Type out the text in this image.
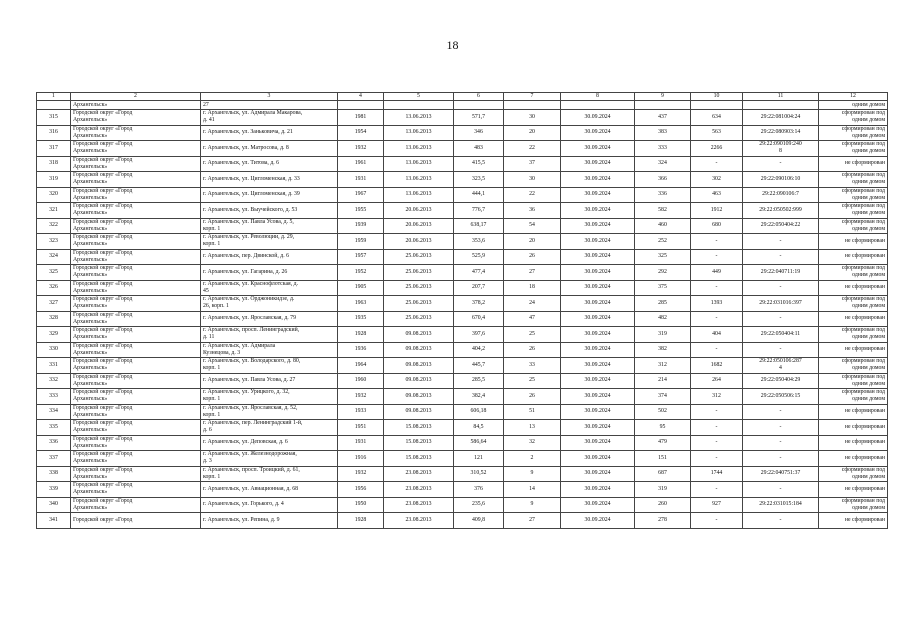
18
1	2	3	4	5	6	7	8	9	10	11	12
	Архангельск»	27									одним домом
315	Городской округ «Город
Архангельск»	г. Архангельск, ул. Адмирала Макарова,
д. 41	1981	13.06.2013	571,7	30	30.09.2024	437	634	29:22:081004:24	сформирован под
одним домом
316	Городской округ «Город
Архангельск»	г. Архангельск, ул. Заньковича, д. 21	1954	13.06.2013	346	20	30.09.2024	383	563	29:22:080903:14	сформирован под
одним домом
317	Городской округ «Город
Архангельск»	г. Архангельск, ул. Матросова, д. 8	1932	13.06.2013	483	22	30.09.2024	333	2266	29:22:090109:240
8	сформирован под
одним домом
318	Городской округ «Город
Архангельск»	г. Архангельск, ул. Титова, д. 6	1961	13.06.2013	415,5	37	30.09.2024	324	-	-	не сформирован
319	Городской округ «Город
Архангельск»	г. Архангельск, ул. Цигломенская, д. 33	1931	13.06.2013	323,5	30	30.09.2024	366	302	29:22:090106:10	сформирован под
одним домом
320	Городской округ «Город
Архангельск»	г. Архангельск, ул. Цигломенская, д. 39	1967	13.06.2013	444,1	22	30.09.2024	336	463	29:22:090106:7	сформирован под
одним домом
321	Городской округ «Город
Архангельск»	г. Архангельск, ул. Выучейского, д. 53	1955	20.06.2013	776,7	36	30.09.2024	582	1912	29:22:050502:999	сформирован под
одним домом
322	Городской округ «Город
Архангельск»	г. Архангельск, ул. Павла Усова, д. 5,
корп. 1	1939	20.06.2013	638,17	54	30.09.2024	460	680	29:22:050404:22	сформирован под
одним домом
323	Городской округ «Город
Архангельск»	г. Архангельск, ул. Революции, д. 29,
корп. 1	1959	20.06.2013	353,6	20	30.09.2024	252	-	-	не сформирован
324	Городской округ «Город
Архангельск»	г. Архангельск, пер. Двинской, д. 6	1957	25.06.2013	525,9	26	30.09.2024	325	-	-	не сформирован
325	Городской округ «Город
Архангельск»	г. Архангельск, ул. Гагарина, д. 26	1952	25.06.2013	477,4	27	30.09.2024	292	449	29:22:040711:19	сформирован под
одним домом
326	Городской округ «Город
Архангельск»	г. Архангельск, ул. Краснофлотская, д.
45	1905	25.06.2013	207,7	18	30.09.2024	375	-	-	не сформирован
327	Городской округ «Город
Архангельск»	г. Архангельск, ул. Орджоникидзе, д.
26, корп. 1	1963	25.06.2013	378,2	24	30.09.2024	285	1393	29:22:031016:397	сформирован под
одним домом
328	Городской округ «Город
Архангельск»	г. Архангельск, ул. Ярославская, д. 79	1935	25.06.2013	670,4	47	30.09.2024	482	-	-	не сформирован
329	Городской округ «Город
Архангельск»	г. Архангельск, просп. Ленинградский,
д. 11	1928	09.08.2013	397,6	25	30.09.2024	319	404	29:22:050404:11	сформирован под
одним домом
330	Городской округ «Город
Архангельск»	г. Архангельск, ул. Адмирала
Кузнецова, д. 3	1936	09.08.2013	404,2	26	30.09.2024	382	-	-	не сформирован
331	Городской округ «Город
Архангельск»	г. Архангельск, ул. Володарского, д. 80,
корп. 1	1964	09.08.2013	445,7	33	30.09.2024	312	1682	29:22:050106:287
4	сформирован под
одним домом
332	Городской округ «Город
Архангельск»	г. Архангельск, ул. Павла Усова, д. 27	1960	09.08.2013	285,5	25	30.09.2024	214	264	29:22:050404:29	сформирован под
одним домом
333	Городской округ «Город
Архангельск»	г. Архангельск, ул. Урицкого, д. 32,
корп. 1	1932	09.08.2013	382,4	26	30.09.2024	374	312	29:22:050506:15	сформирован под
одним домом
334	Городской округ «Город
Архангельск»	г. Архангельск, ул. Ярославская, д. 52,
корп. 1	1933	09.08.2013	606,18	51	30.09.2024	502	-	-	не сформирован
335	Городской округ «Город
Архангельск»	г. Архангельск, пер. Ленинградский 1-й,
д. 6	1951	15.08.2013	84,5	13	30.09.2024	95	-	-	не сформирован
336	Городской округ «Город
Архангельск»	г. Архангельск, ул. Деповская, д. 6	1931	15.08.2013	586,64	32	30.09.2024	479	-	-	не сформирован
337	Городской округ «Город
Архангельск»	г. Архангельск, ул. Железнодорожная,
д. 3	1916	15.08.2013	121	2	30.09.2024	151	-	-	не сформирован
338	Городской округ «Город
Архангельск»	г. Архангельск, просп. Троицкий, д. 61,
корп. 1	1932	23.08.2013	310,52	9	30.09.2024	687	1744	29:22:040751:37	сформирован под
одним домом
339	Городской округ «Город
Архангельск»	г. Архангельск, ул. Авиационная, д. 68	1956	23.08.2013	376	14	30.09.2024	319	-	-	не сформирован
340	Городской округ «Город
Архангельск»	г. Архангельск, ул. Горького, д. 4	1950	23.08.2013	235,6	9	30.09.2024	260	927	29:22:031015:184	сформирован под
одним домом
341	Городской округ «Город	г. Архангельск, ул. Репина, д. 9	1928	23.08.2013	409,8	27	30.09.2024	278	-	-	не сформирован
